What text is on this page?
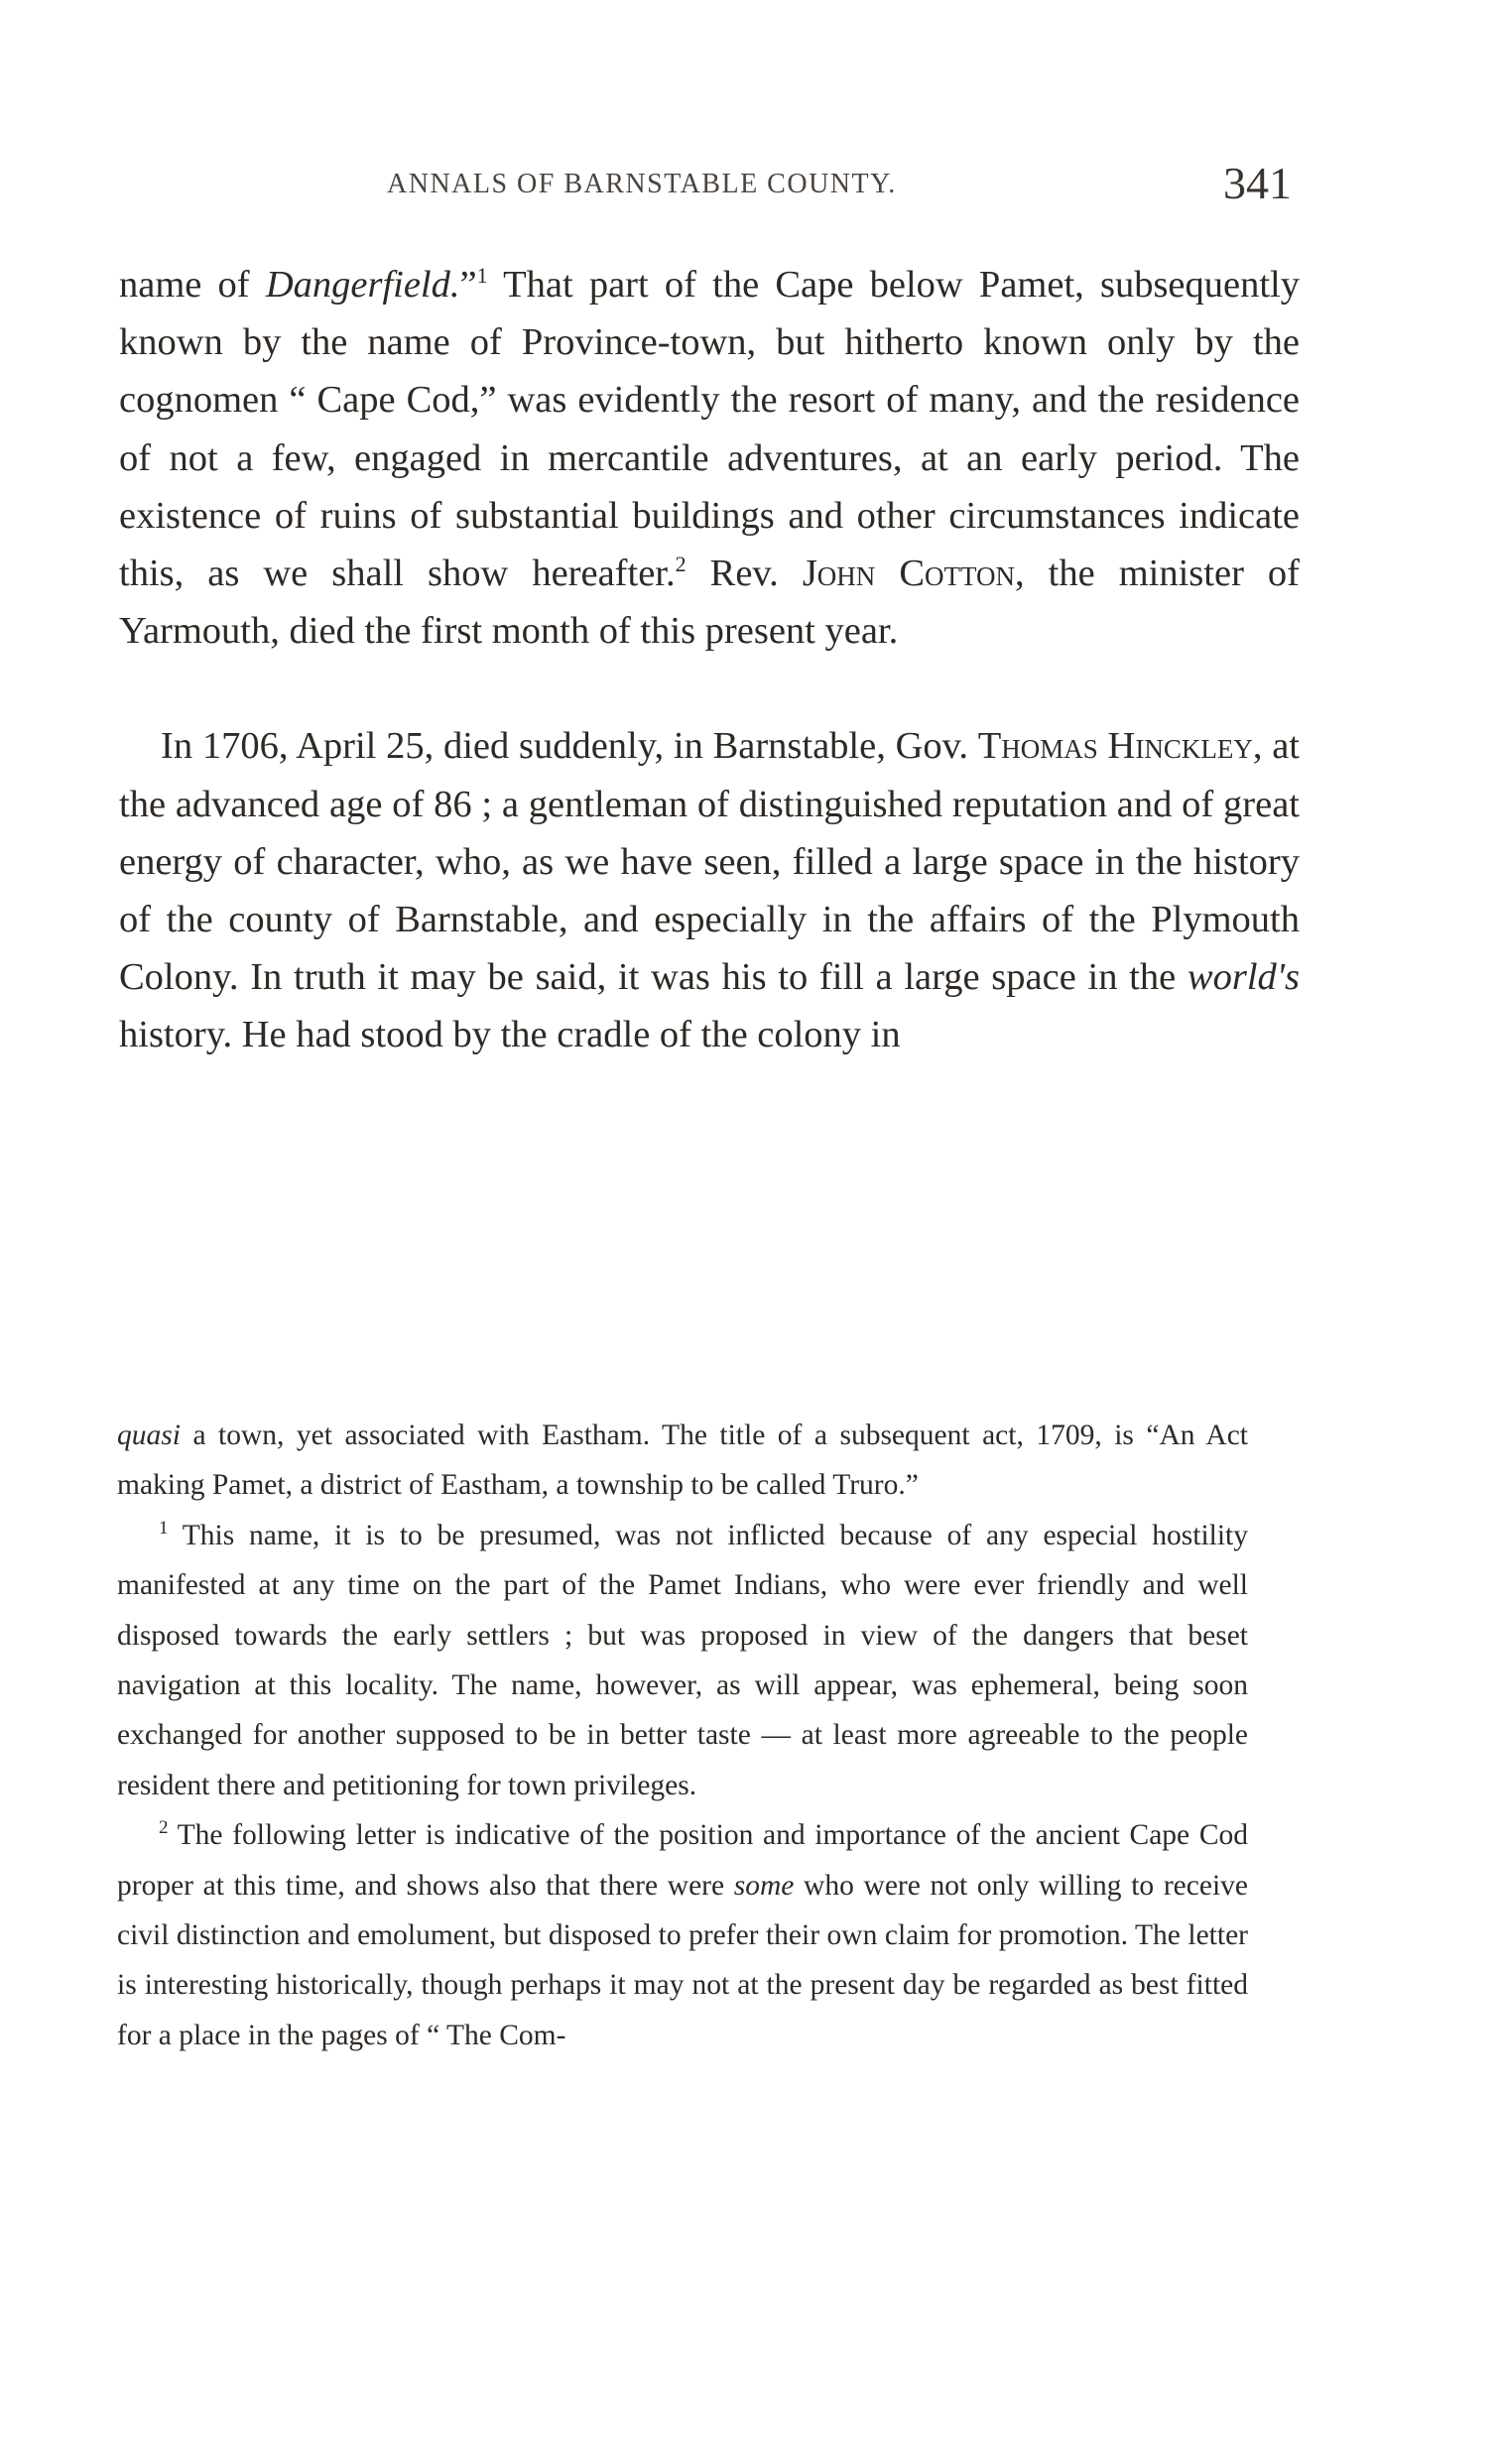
ANNALS OF BARNSTABLE COUNTY.	341

name of Dangerfield.”$^1$ That part of the Cape below Pamet, subsequently known by the name of Province-town, but hitherto known only by the cognomen “ Cape Cod,” was evidently the resort of many, and the residence of not a few, engaged in mercantile adventures, at an early period. The existence of ruins of substantial buildings and other circumstances indicate this, as we shall show hereafter.$^2$ Rev. John Cotton, the minister of Yarmouth, died the first month of this present year.

In 1706, April 25, died suddenly, in Barnstable, Gov. Thomas Hinckley, at the advanced age of 86 ; a gentleman of distinguished reputation and of great energy of character, who, as we have seen, filled a large space in the history of the county of Barnstable, and especially in the affairs of the Plymouth Colony. In truth it may be said, it was his to fill a large space in the world's history. He had stood by the cradle of the colony in

quasi a town, yet associated with Eastham. The title of a subsequent act, 1709, is “An Act making Pamet, a district of Eastham, a township to be called Truro.”

$^1$ This name, it is to be presumed, was not inflicted because of any especial hostility manifested at any time on the part of the Pamet Indians, who were ever friendly and well disposed towards the early settlers ; but was proposed in view of the dangers that beset navigation at this locality. The name, however, as will appear, was ephemeral, being soon exchanged for another supposed to be in better taste — at least more agreeable to the people resident there and petitioning for town privileges.

$^2$ The following letter is indicative of the position and importance of the ancient Cape Cod proper at this time, and shows also that there were some who were not only willing to receive civil distinction and emolument, but disposed to prefer their own claim for promotion. The letter is interesting historically, though perhaps it may not at the present day be regarded as best fitted for a place in the pages of “ The Com-
